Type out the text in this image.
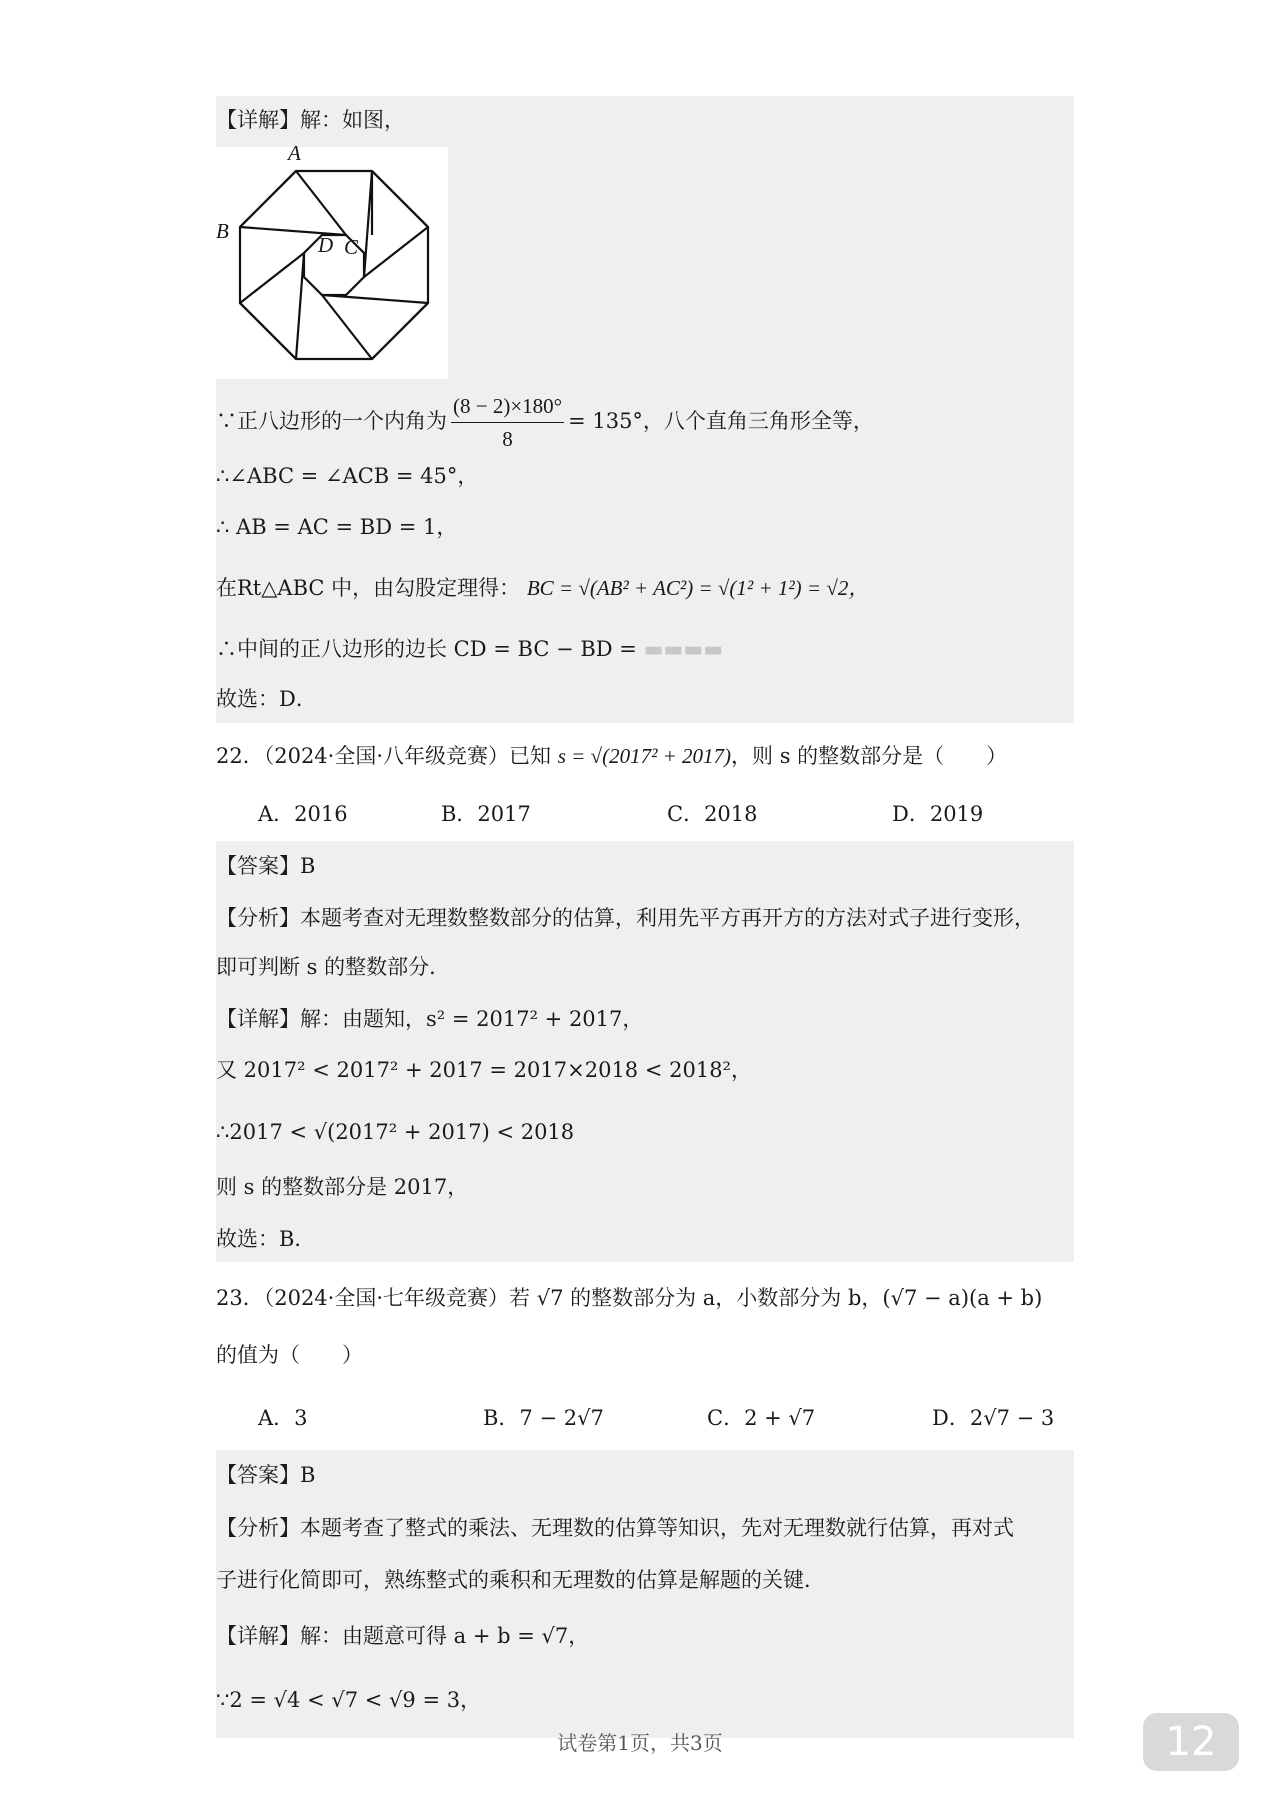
【详解】解：如图，
A
B
D C
∵正八边形的一个内角为 $\frac{(8 - 2)\times 180^\circ}{8} = 135^\circ$，八个直角三角形全等，
∴∠ABC = ∠ACB = 45°，
∴ AB = AC = BD = 1，
在Rt△ABC 中，由勾股定理得： BC = √(AB² + AC²) = √(1² + 1²) = √2，
∴中间的正八边形的边长 CD = BC − BD = ▬▬▬▬
故选：D．
22．（2024·全国·八年级竞赛）已知 s = √(2017² + 2017)，则 s 的整数部分是（　　）
A．2016	B．2017	C．2018	D．2019
【答案】B
【分析】本题考查对无理数整数部分的估算，利用先平方再开方的方法对式子进行变形，
即可判断 s 的整数部分．
【详解】解：由题知，s² = 2017² + 2017，
又 2017² < 2017² + 2017 = 2017×2018 < 2018²，
∴2017 < √(2017² + 2017) < 2018
则 s 的整数部分是 2017，
故选：B．
23．（2024·全国·七年级竞赛）若 √7 的整数部分为 a，小数部分为 b，(√7 − a)(a + b)
的值为（　　）
A．3	B．7 − 2√7	C．2 + √7	D．2√7 − 3
【答案】B
【分析】本题考查了整式的乘法、无理数的估算等知识，先对无理数就行估算，再对式
子进行化简即可，熟练整式的乘积和无理数的估算是解题的关键．
【详解】解：由题意可得 a + b = √7，
∵2 = √4 < √7 < √9 = 3，
试卷第1页，共3页	12
